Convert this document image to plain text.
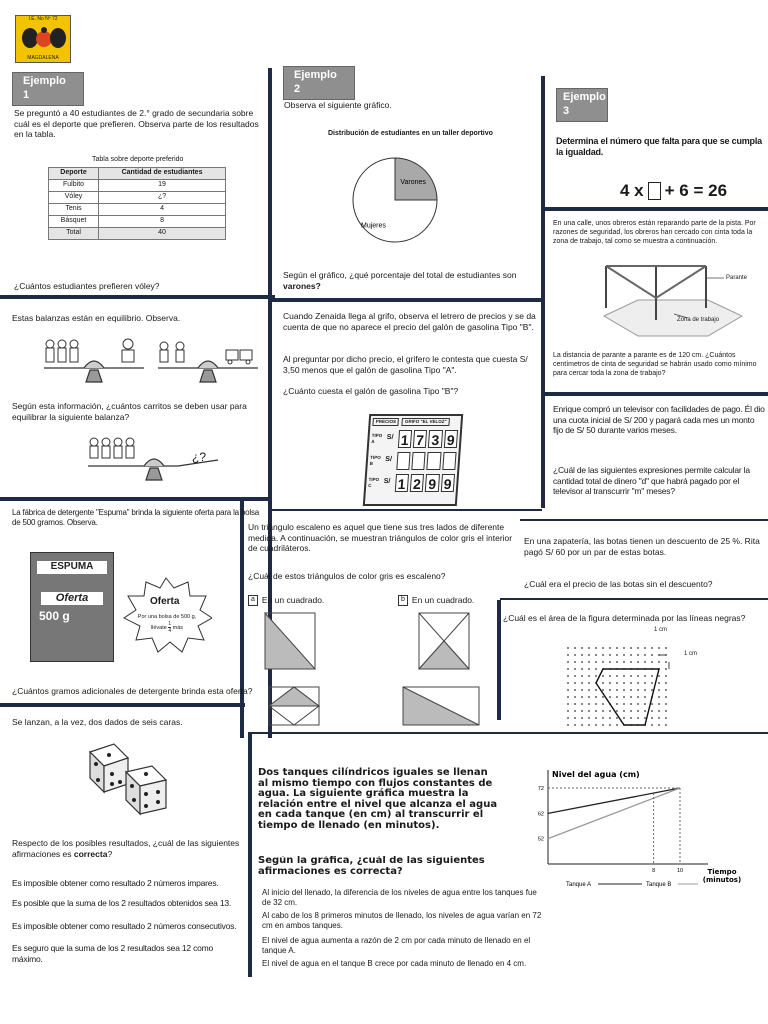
I.E. No Nº 72
MAGDALENA
Ejemplo 1
Ejemplo 2
Ejemplo 3
Se preguntó a 40 estudiantes de 2.° grado de secundaria sobre cuál es el deporte que prefieren. Observa parte de los resultados en la tabla.
Tabla sobre deporte preferido
Deporte	Cantidad de estudiantes
Fulbito	19
Vóley	¿?
Tenis	4
Básquet	8
Total	40
¿Cuántos estudiantes prefieren vóley?
Observa el siguiente gráfico.
Distribución de estudiantes en un taller deportivo
Varones
Mujeres
Según el gráfico, ¿qué porcentaje del total de estudiantes son varones?
Determina el número que falta para que se cumpla la igualdad.
4 x + 6 = 26
En una calle, unos obreros están reparando parte de la pista. Por razones de seguridad, los obreros han cercado con cinta toda la zona de trabajo, tal como se muestra a continuación.
Parante
Zona de trabajo
La distancia de parante a parante es de 120 cm. ¿Cuántos centímetros de cinta de seguridad se habrán usado como mínimo para cercar toda la zona de trabajo?
Enrique compró un televisor con facilidades de pago. Él dio una cuota inicial de S/ 200 y pagará cada mes un monto fijo de S/ 50 durante varios meses.
¿Cuál de las siguientes expresiones permite calcular la cantidad total de dinero "d" que habrá pagado por el televisor al transcurrir "m" meses?
Estas balanzas están en equilibrio. Observa.
Según esta información, ¿cuántos carritos se deben usar para equilibrar la siguiente balanza?
¿?
Cuando Zenaida llega al grifo, observa el letrero de precios y se da cuenta de que no aparece el precio del galón de gasolina Tipo "B".
Al preguntar por dicho precio, el grifero le contesta que cuesta S/ 3,50 menos que el galón de gasolina Tipo "A".
¿Cuánto cuesta el galón de gasolina Tipo "B"?
PRECIOS	GRIFO "EL VELOZ"
TIPO A	S/ 1 7 3 9
TIPO B	S/
TIPO C	S/ 1 2 9 9
La fábrica de detergente "Espuma" brinda la siguiente oferta para la bolsa de 500 gramos. Observa.
ESPUMA
Oferta
500 g
Oferta
Por una bolsa de 500 g, llévate $\frac{1}{4}$ más
¿Cuántos gramos adicionales de detergente brinda esta oferta?
Un triángulo escaleno es aquel que tiene sus tres lados de diferente medida. A continuación, se muestran triángulos de color gris el interior de cuadriláteros.
¿Cuál de estos triángulos de color gris es escaleno?
a En un cuadrado.	b En un cuadrado.
En una zapatería, las botas tienen un descuento de 25 %. Rita pagó S/ 60 por un par de estas botas.
¿Cuál era el precio de las botas sin el descuento?
¿Cuál es el área de la figura determinada por las líneas negras?
1 cm
1 cm
Se lanzan, a la vez, dos dados de seis caras.
Respecto de los posibles resultados, ¿cuál de las siguientes afirmaciones es correcta?
Es imposible obtener como resultado 2 números impares.
Es posible que la suma de los 2 resultados obtenidos sea 13.
Es imposible obtener como resultado 2 números consecutivos.
Es seguro que la suma de los 2 resultados sea 12 como máximo.
Dos tanques cilíndricos iguales se llenan al mismo tiempo con flujos constantes de agua. La siguiente gráfica muestra la relación entre el nivel que alcanza el agua en cada tanque (en cm) al transcurrir el tiempo de llenado (en minutos).
Según la gráfica, ¿cuál de las siguientes afirmaciones es correcta?
Nivel del agua (cm)
Tiempo (minutos)
72
62
52
8	10
Tanque A	Tanque B
Al inicio del llenado, la diferencia de los niveles de agua entre los tanques fue de 32 cm.
Al cabo de los 8 primeros minutos de llenado, los niveles de agua varían en 72 cm en ambos tanques.
El nivel de agua aumenta a razón de 2 cm por cada minuto de llenado en el tanque A.
El nivel de agua en el tanque B crece por cada minuto de llenado en 4 cm.
